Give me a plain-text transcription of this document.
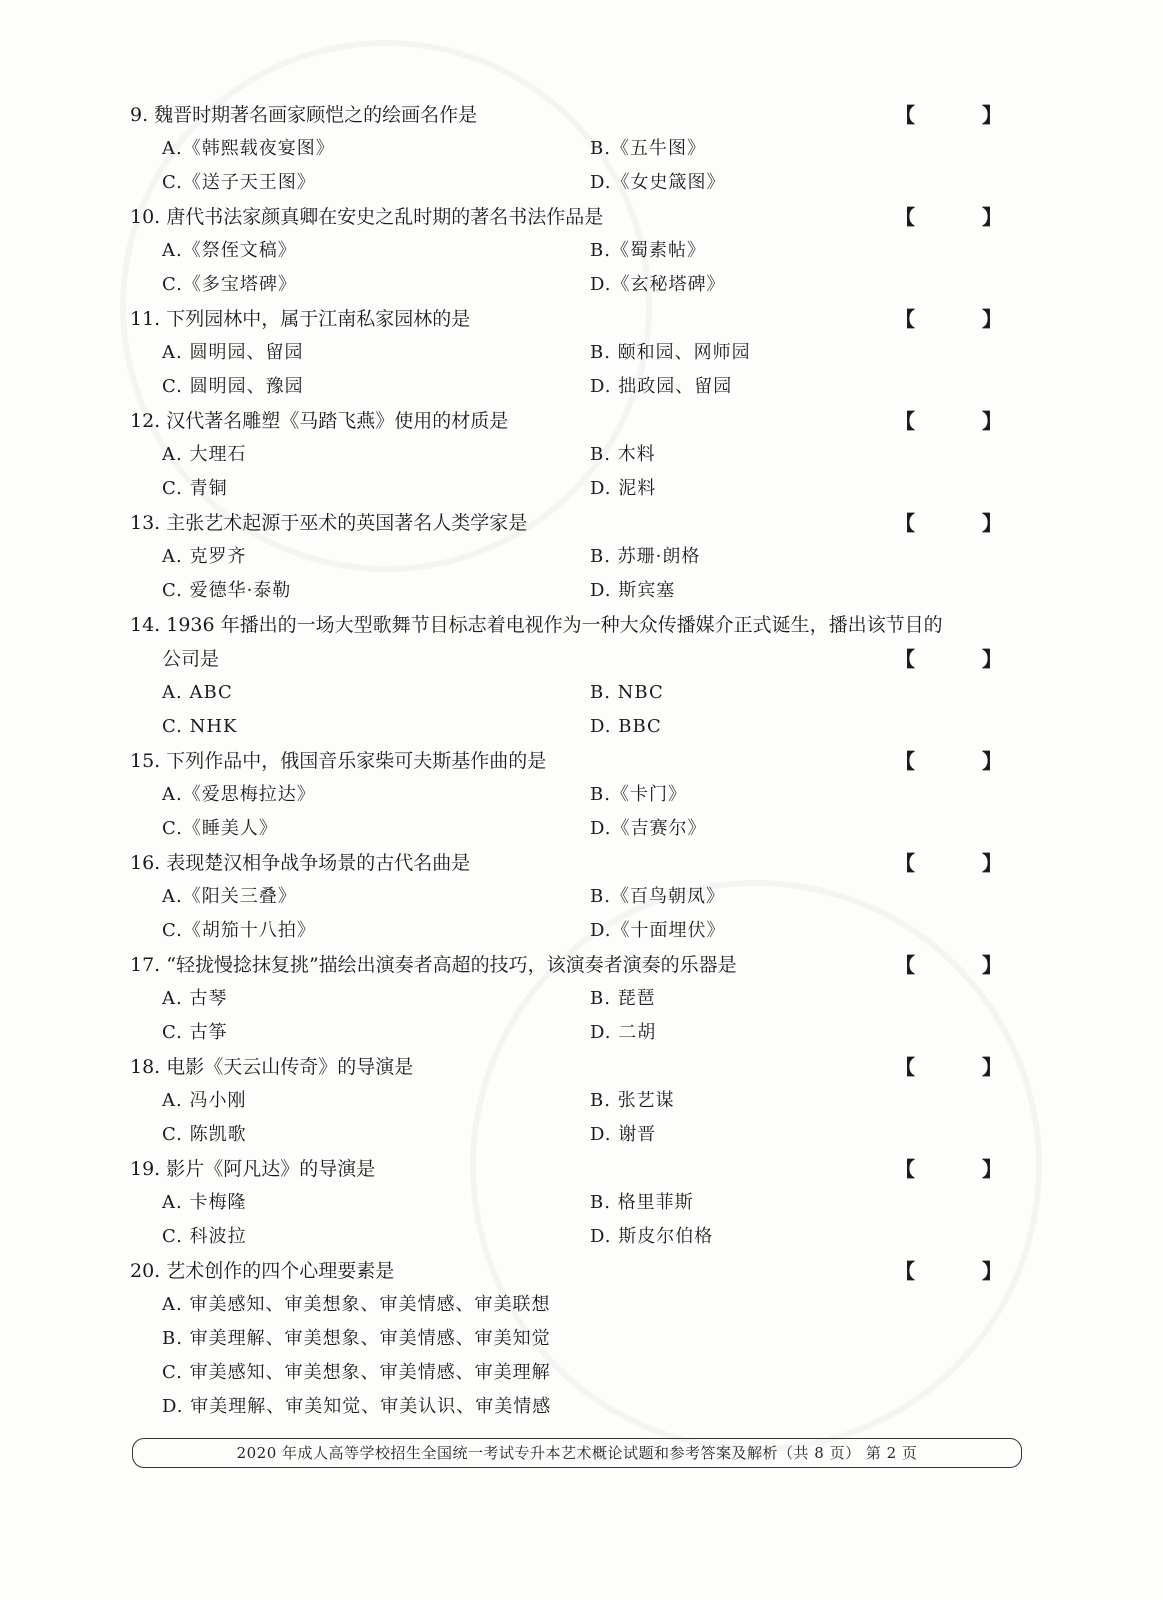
9. 魏晋时期著名画家顾恺之的绘画名作是	【 】
A.《韩熙载夜宴图》	B.《五牛图》
C.《送子天王图》	D.《女史箴图》
10. 唐代书法家颜真卿在安史之乱时期的著名书法作品是	【 】
A.《祭侄文稿》	B.《蜀素帖》
C.《多宝塔碑》	D.《玄秘塔碑》
11. 下列园林中，属于江南私家园林的是	【 】
A. 圆明园、留园	B. 颐和园、网师园
C. 圆明园、豫园	D. 拙政园、留园
12. 汉代著名雕塑《马踏飞燕》使用的材质是	【 】
A. 大理石	B. 木料
C. 青铜	D. 泥料
13. 主张艺术起源于巫术的英国著名人类学家是	【 】
A. 克罗齐	B. 苏珊·朗格
C. 爱德华·泰勒	D. 斯宾塞
14. 1936 年播出的一场大型歌舞节目标志着电视作为一种大众传播媒介正式诞生，播出该节目的
公司是	【 】
A. ABC	B. NBC
C. NHK	D. BBC
15. 下列作品中，俄国音乐家柴可夫斯基作曲的是	【 】
A.《爱思梅拉达》	B.《卡门》
C.《睡美人》	D.《吉赛尔》
16. 表现楚汉相争战争场景的古代名曲是	【 】
A.《阳关三叠》	B.《百鸟朝凤》
C.《胡笳十八拍》	D.《十面埋伏》
17. “轻拢慢捻抹复挑”描绘出演奏者高超的技巧，该演奏者演奏的乐器是	【 】
A. 古琴	B. 琵琶
C. 古筝	D. 二胡
18. 电影《天云山传奇》的导演是	【 】
A. 冯小刚	B. 张艺谋
C. 陈凯歌	D. 谢晋
19. 影片《阿凡达》的导演是	【 】
A. 卡梅隆	B. 格里菲斯
C. 科波拉	D. 斯皮尔伯格
20. 艺术创作的四个心理要素是	【 】
A. 审美感知、审美想象、审美情感、审美联想
B. 审美理解、审美想象、审美情感、审美知觉
C. 审美感知、审美想象、审美情感、审美理解
D. 审美理解、审美知觉、审美认识、审美情感
2020 年成人高等学校招生全国统一考试专升本艺术概论试题和参考答案及解析（共 8 页） 第 2 页
